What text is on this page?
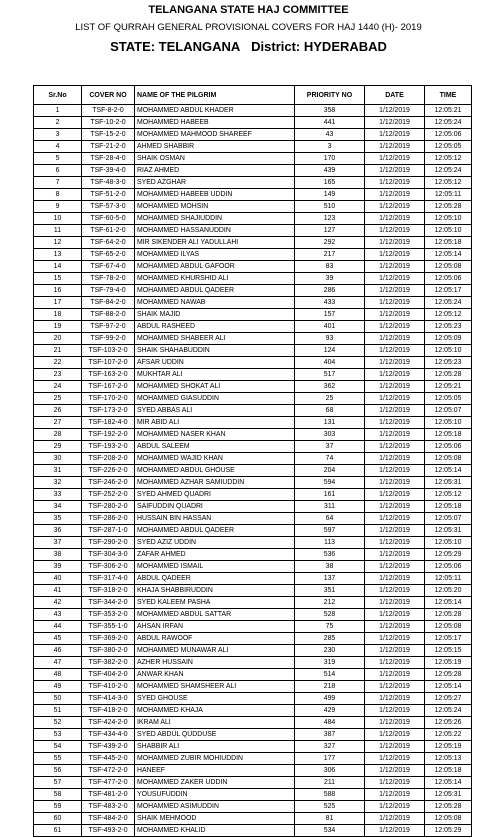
TELANGANA STATE HAJ COMMITTEE
LIST OF QURRAH GENERAL PROVISIONAL COVERS FOR HAJ 1440 (H)- 2019
STATE: TELANGANA District: HYDERABAD
Sr.No	COVER NO	NAME OF THE PILGRIM	PRIORITY NO	DATE	TIME
1	TSF-8-2-0	MOHAMMED ABDUL KHADER	358	1/12/2019	12:05:21
2	TSF-10-2-0	MOHAMMED HABEEB	441	1/12/2019	12:05:24
3	TSF-15-2-0	MOHAMMED MAHMOOD SHAREEF	43	1/12/2019	12:05:06
4	TSF-21-2-0	AHMED SHABBIR	3	1/12/2019	12:05:05
5	TSF-28-4-0	SHAIK OSMAN	170	1/12/2019	12:05:12
6	TSF-39-4-0	RIAZ AHMED	439	1/12/2019	12:05:24
7	TSF-48-3-0	SYED AZGHAR	165	1/12/2019	12:05:12
8	TSF-51-2-0	MOHAMMED HABEEB UDDIN	149	1/12/2019	12:05:11
9	TSF-57-3-0	MOHAMMED MOHSIN	510	1/12/2019	12:05:28
10	TSF-60-5-0	MOHAMMED SHAJIUDDIN	123	1/12/2019	12:05:10
11	TSF-61-2-0	MOHAMMED HASSANUDDIN	127	1/12/2019	12:05:10
12	TSF-64-2-0	MIR SIKENDER ALI YADULLAHI	292	1/12/2019	12:05:18
13	TSF-65-2-0	MOHAMMED ILYAS	217	1/12/2019	12:05:14
14	TSF-67-4-0	MOHAMMED ABDUL GAFOOR	83	1/12/2019	12:05:08
15	TSF-78-2-0	MOHAMMED KHURSHID ALI	39	1/12/2019	12:05:06
16	TSF-79-4-0	MOHAMMED ABDUL QADEER	286	1/12/2019	12:05:17
17	TSF-84-2-0	MOHAMMED NAWAB	433	1/12/2019	12:05:24
18	TSF-88-2-0	SHAIK MAJID	157	1/12/2019	12:05:12
19	TSF-97-2-0	ABDUL RASHEED	401	1/12/2019	12:05:23
20	TSF-99-2-0	MOHAMMED SHABEER ALI	93	1/12/2019	12:05:09
21	TSF-103-2-0	SHAIK SHAHABUDDIN	124	1/12/2019	12:05:10
22	TSF-107-2-0	AFSAR UDDIN	404	1/12/2019	12:05:23
23	TSF-163-2-0	MUKHTAR ALI	517	1/12/2019	12:05:28
24	TSF-167-2-0	MOHAMMED SHOKAT ALI	362	1/12/2019	12:05:21
25	TSF-170-2-0	MOHAMMED GIASUDDIN	25	1/12/2019	12:05:05
26	TSF-173-2-0	SYED ABBAS ALI	68	1/12/2019	12:05:07
27	TSF-182-4-0	MIR ABID ALI	131	1/12/2019	12:05:10
28	TSF-192-2-0	MOHAMMED NASER KHAN	303	1/12/2019	12:05:18
29	TSF-193-2-0	ABDUL SALEEM	37	1/12/2019	12:05:06
30	TSF-208-2-0	MOHAMMED WAJID KHAN	74	1/12/2019	12:05:08
31	TSF-226-2-0	MOHAMMED ABDUL GHOUSE	204	1/12/2019	12:05:14
32	TSF-246-2-0	MOHAMMED AZHAR SAMIUDDIN	594	1/12/2019	12:05:31
33	TSF-252-2-0	SYED AHMED QUADRI	161	1/12/2019	12:05:12
34	TSF-280-2-0	SAIFUDDIN QUADRI	311	1/12/2019	12:05:18
35	TSF-286-2-0	HUSSAIN BIN HASSAN	64	1/12/2019	12:05:07
36	TSF-287-1-0	MOHAMMED ABDUL QADEER	597	1/12/2019	12:05:31
37	TSF-290-2-0	SYED AZIZ UDDIN	113	1/12/2019	12:05:10
38	TSF-304-3-0	ZAFAR AHMED	536	1/12/2019	12:05:29
39	TSF-306-2-0	MOHAMMED ISMAIL	38	1/12/2019	12:05:06
40	TSF-317-4-0	ABDUL QADEER	137	1/12/2019	12:05:11
41	TSF-318-2-0	KHAJA SHABBIRUDDIN	351	1/12/2019	12:05:20
42	TSF-344-2-0	SYED KALEEM PASHA	212	1/12/2019	12:05:14
43	TSF-353-2-0	MOHAMMED ABDUL SATTAR	528	1/12/2019	12:05:28
44	TSF-355-1-0	AHSAN IRFAN	75	1/12/2019	12:05:08
45	TSF-369-2-0	ABDUL RAWOOF	285	1/12/2019	12:05:17
46	TSF-380-2-0	MOHAMMED MUNAWAR ALI	230	1/12/2019	12:05:15
47	TSF-382-2-0	AZHER HUSSAIN	319	1/12/2019	12:05:19
48	TSF-404-2-0	ANWAR KHAN	514	1/12/2019	12:05:28
49	TSF-410-2-0	MOHAMMED SHAMSHEER ALI	218	1/12/2019	12:05:14
50	TSF-414-3-0	SYED GHOUSE	499	1/12/2019	12:05:27
51	TSF-418-2-0	MOHAMMED KHAJA	429	1/12/2019	12:05:24
52	TSF-424-2-0	IKRAM ALI	484	1/12/2019	12:05:26
53	TSF-434-4-0	SYED ABDUL QUDDUSE	387	1/12/2019	12:05:22
54	TSF-439-2-0	SHABBIR ALI	327	1/12/2019	12:05:19
55	TSF-445-2-0	MOHAMMED ZUBIR MOHIUDDIN	177	1/12/2019	12:05:13
56	TSF-472-2-0	HANEEF	306	1/12/2019	12:05:18
57	TSF-477-2-0	MOHAMMED ZAKER UDDIN	211	1/12/2019	12:05:14
58	TSF-481-2-0	YOUSUFUDDIN	588	1/12/2019	12:05:31
59	TSF-483-2-0	MOHAMMED ASIMUDDIN	525	1/12/2019	12:05:28
60	TSF-484-2-0	SHAIK MEHMOOD	81	1/12/2019	12:05:08
61	TSF-493-2-0	MOHAMMED KHALID	534	1/12/2019	12:05:29
